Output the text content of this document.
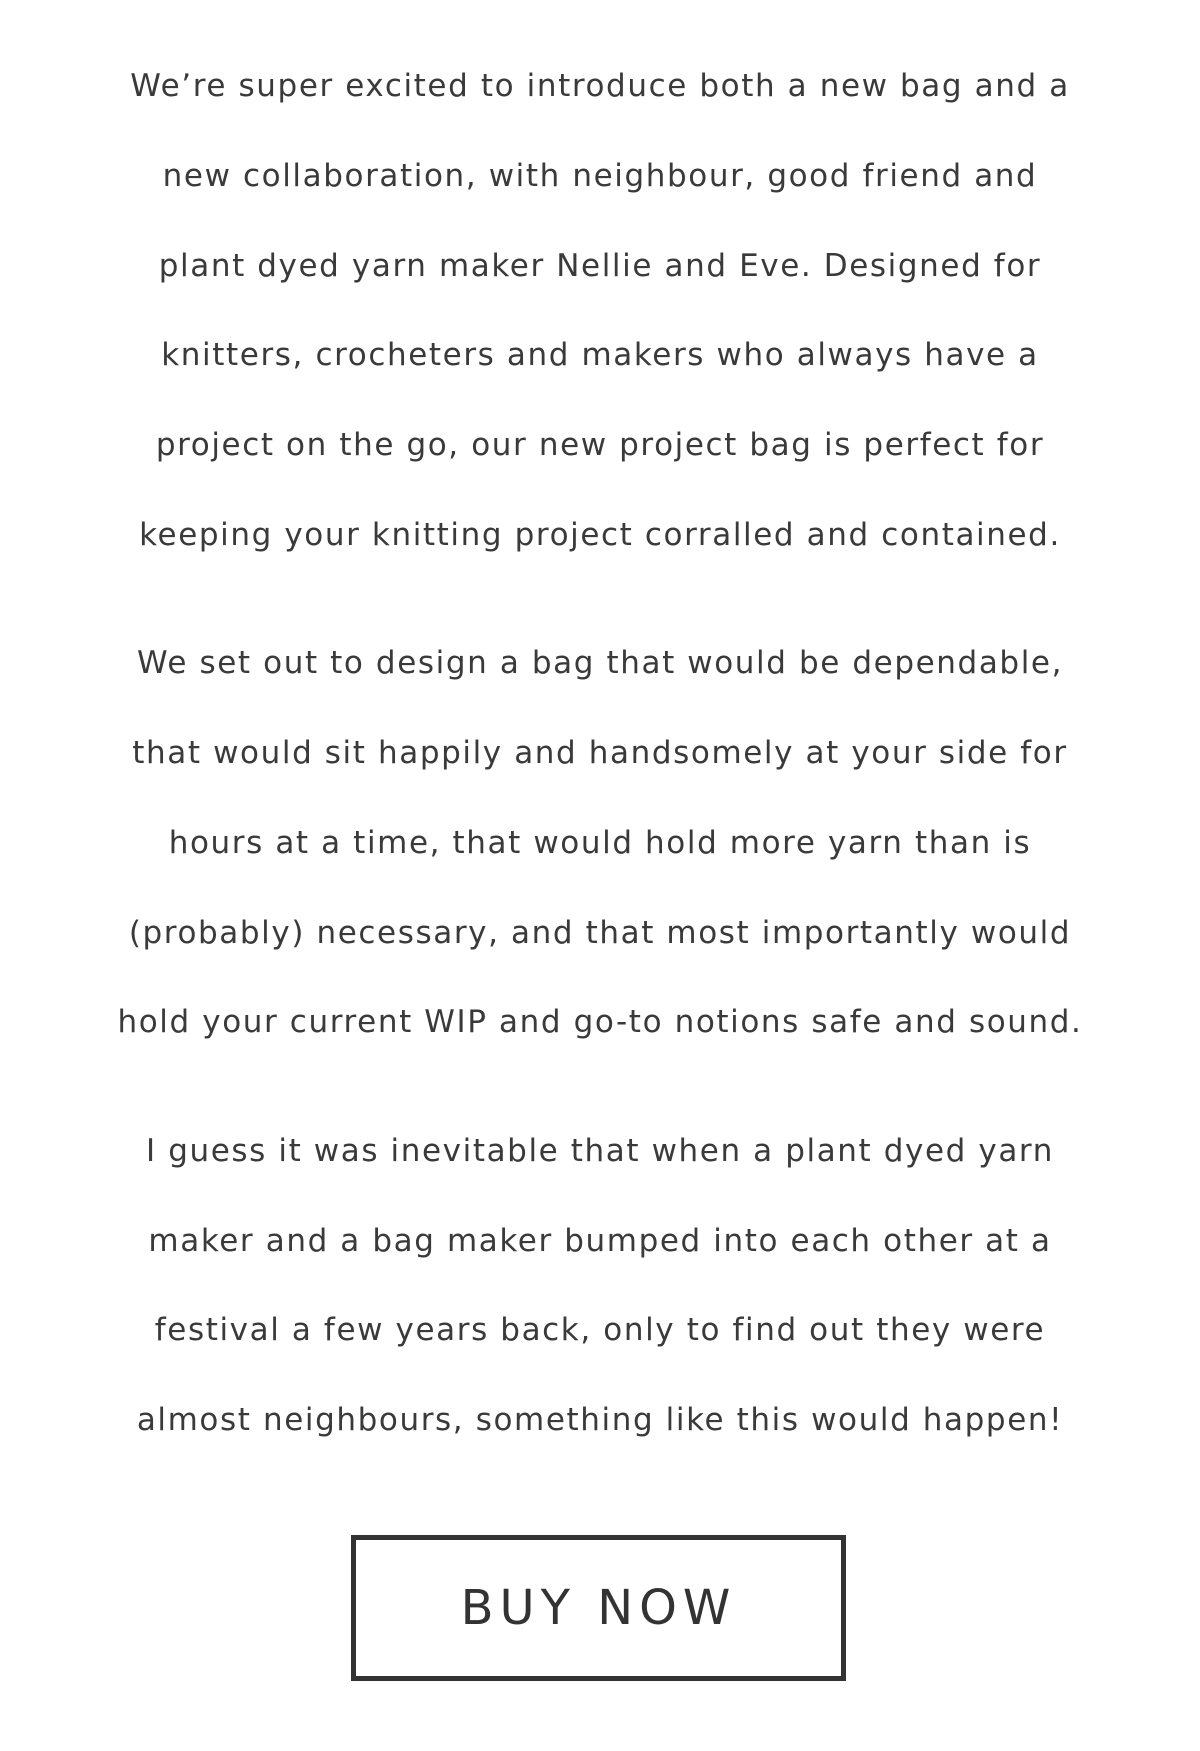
We’re super excited to introduce both a new bag and a
new collaboration, with neighbour, good friend and
plant dyed yarn maker Nellie and Eve. Designed for
knitters, crocheters and makers who always have a
project on the go, our new project bag is perfect for
keeping your knitting project corralled and contained.
We set out to design a bag that would be dependable,
that would sit happily and handsomely at your side for
hours at a time, that would hold more yarn than is
(probably) necessary, and that most importantly would
hold your current WIP and go-to notions safe and sound.
I guess it was inevitable that when a plant dyed yarn
maker and a bag maker bumped into each other at a
festival a few years back, only to find out they were
almost neighbours, something like this would happen!
BUY NOW
